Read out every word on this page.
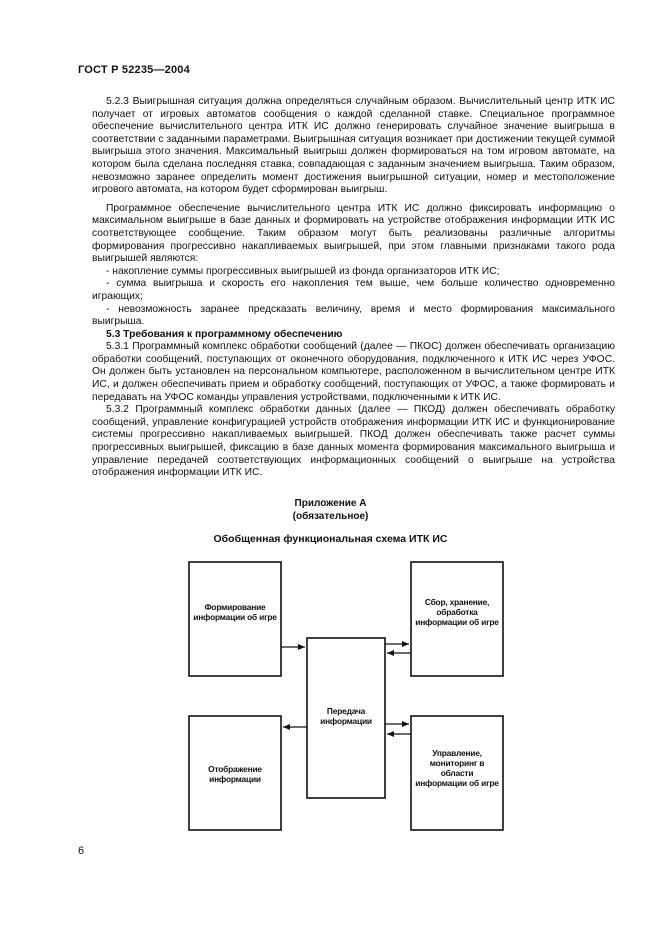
ГОСТ Р 52235—2004

5.2.3 Выигрышная ситуация должна определяться случайным образом. Вычислительный центр ИТК ИС получает от игровых автоматов сообщения о каждой сделанной ставке. Специальное программное обеспечение вычислительного центра ИТК ИС должно генерировать случайное значение выигрыша в соответствии с заданными параметрами. Выигрышная ситуация возникает при достижении текущей суммой выигрыша этого значения. Максимальный выигрыш должен формироваться на том игровом автомате, на котором была сделана последняя ставка, совпадающая с заданным значением выигрыша. Таким образом, невозможно заранее определить момент достижения выигрышной ситуации, номер и местоположение игрового автомата, на котором будет сформирован выигрыш.

Программное обеспечение вычислительного центра ИТК ИС должно фиксировать информацию о максимальном выигрыше в базе данных и формировать на устройстве отображения информации ИТК ИС соответствующее сообщение. Таким образом могут быть реализованы различные алгоритмы формирования прогрессивно накапливаемых выигрышей, при этом главными признаками такого рода выигрышей являются:

- накопление суммы прогрессивных выигрышей из фонда организаторов ИТК ИС;

- сумма выигрыша и скорость его накопления тем выше, чем больше количество одновременно играющих;

- невозможность заранее предсказать величину, время и место формирования максимального выигрыша.

5.3 Требования к программному обеспечению

5.3.1 Программный комплекс обработки сообщений (далее — ПКОС) должен обеспечивать организацию обработки сообщений, поступающих от оконечного оборудования, подключенного к ИТК ИС через УФОС. Он должен быть установлен на персональном компьютере, расположенном в вычислительном центре ИТК ИС, и должен обеспечивать прием и обработку сообщений, поступающих от УФОС, а также формировать и передавать на УФОС команды управления устройствами, подключенными к ИТК ИС.

5.3.2 Программный комплекс обработки данных (далее — ПКОД) должен обеспечивать обработку сообщений, управление конфигурацией устройств отображения информации ИТК ИС и функционирование системы прогрессивно накапливаемых выигрышей. ПКОД должен обеспечивать также расчет суммы прогрессивных выигрышей, фиксацию в базе данных момента формирования максимального выигрыша и управление передачей соответствующих информационных сообщений о выигрыше на устройства отображения информации ИТК ИС.

Приложение А
(обязательное)
Обобщенная функциональная схема ИТК ИС
Формирование информации об игре
Сбор, хранение, обработка информации об игре
Передача информации
Отображение информации
Управление, мониторинг в области информации об игре
6
